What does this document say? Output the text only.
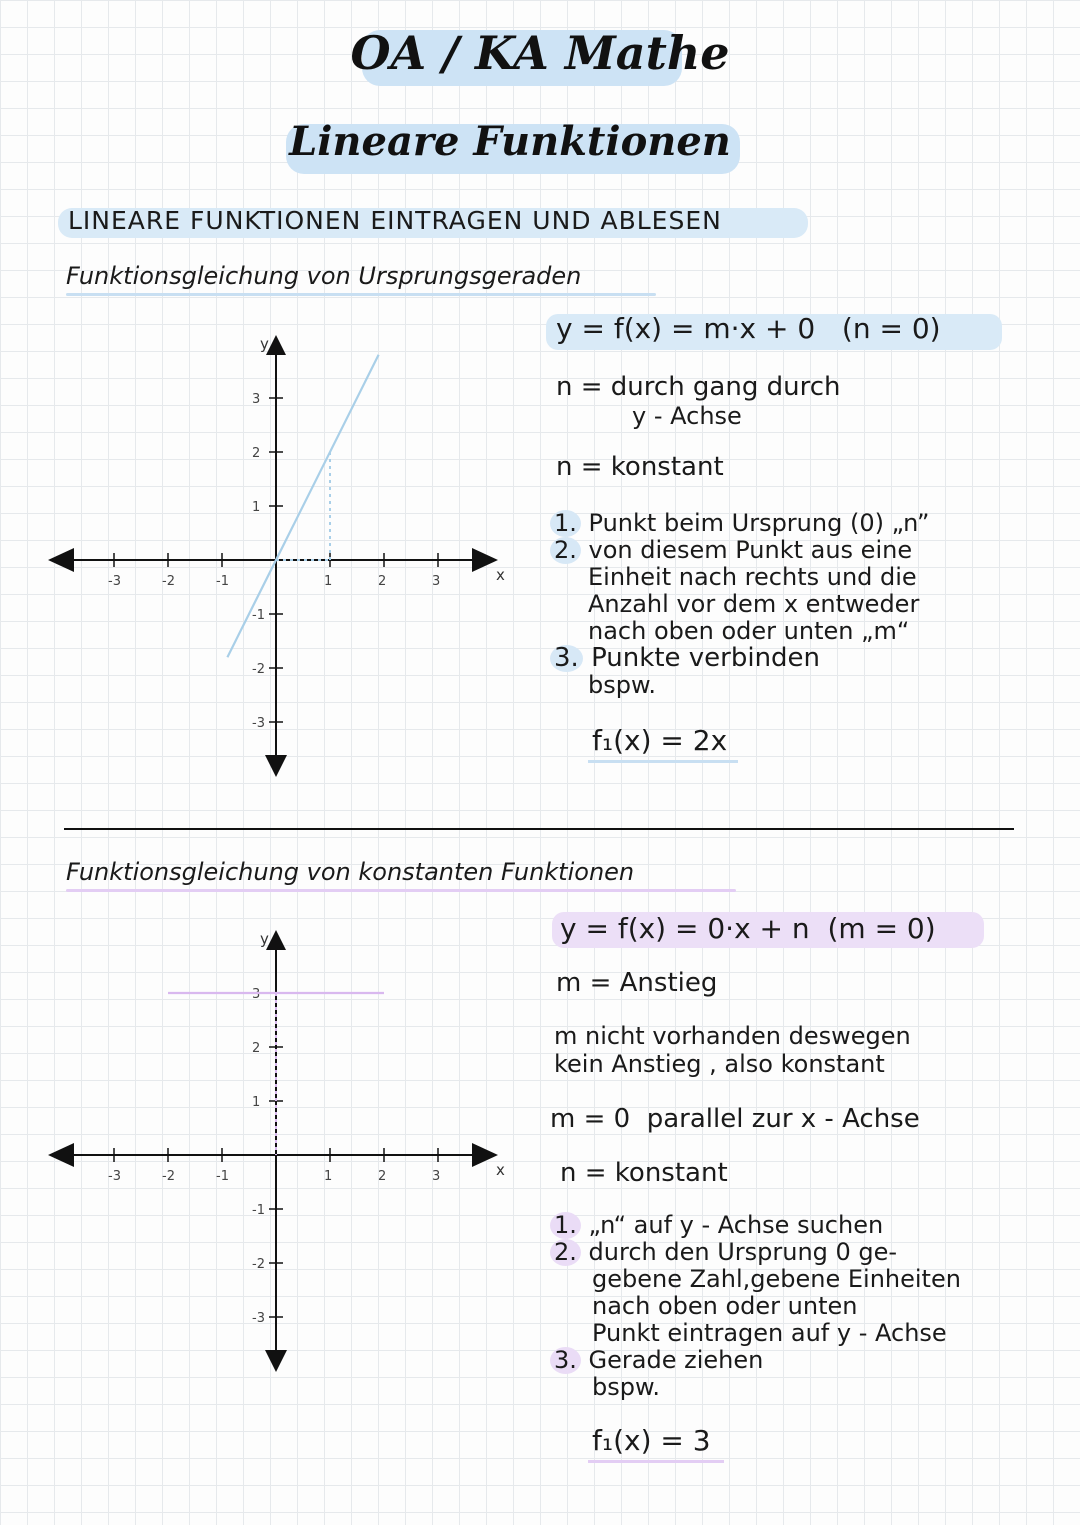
OA / KA Mathe
Lineare Funktionen
LINEARE FUNKTIONEN EINTRAGEN UND ABLESEN
Funktionsgleichung von Ursprungsgeraden
x
y
-3	-2	-1	1	2	3
3
2
1
-1
-2
-3
y = f(x) = m·x + 0   (n = 0)
n = durch gang durch
y - Achse
n = konstant
1. Punkt beim Ursprung (0) „n”
2. von diesem Punkt aus eine
Einheit nach rechts und die
Anzahl vor dem x entweder
nach oben oder unten „m“
3. Punkte verbinden
bspw.
f₁(x) = 2x
Funktionsgleichung von konstanten Funktionen
x
y
-3	-2	-1	1	2	3
3
2
1
-1
-2
-3
y = f(x) = 0·x + n  (m = 0)
m = Anstieg
m nicht vorhanden deswegen
kein Anstieg , also konstant
m = 0  parallel zur x - Achse
n = konstant
1. „n“ auf y - Achse suchen
2. durch den Ursprung 0 ge-
gebene Zahl,gebene Einheiten
nach oben oder unten
Punkt eintragen auf y - Achse
3. Gerade ziehen
bspw.
f₁(x) = 3
